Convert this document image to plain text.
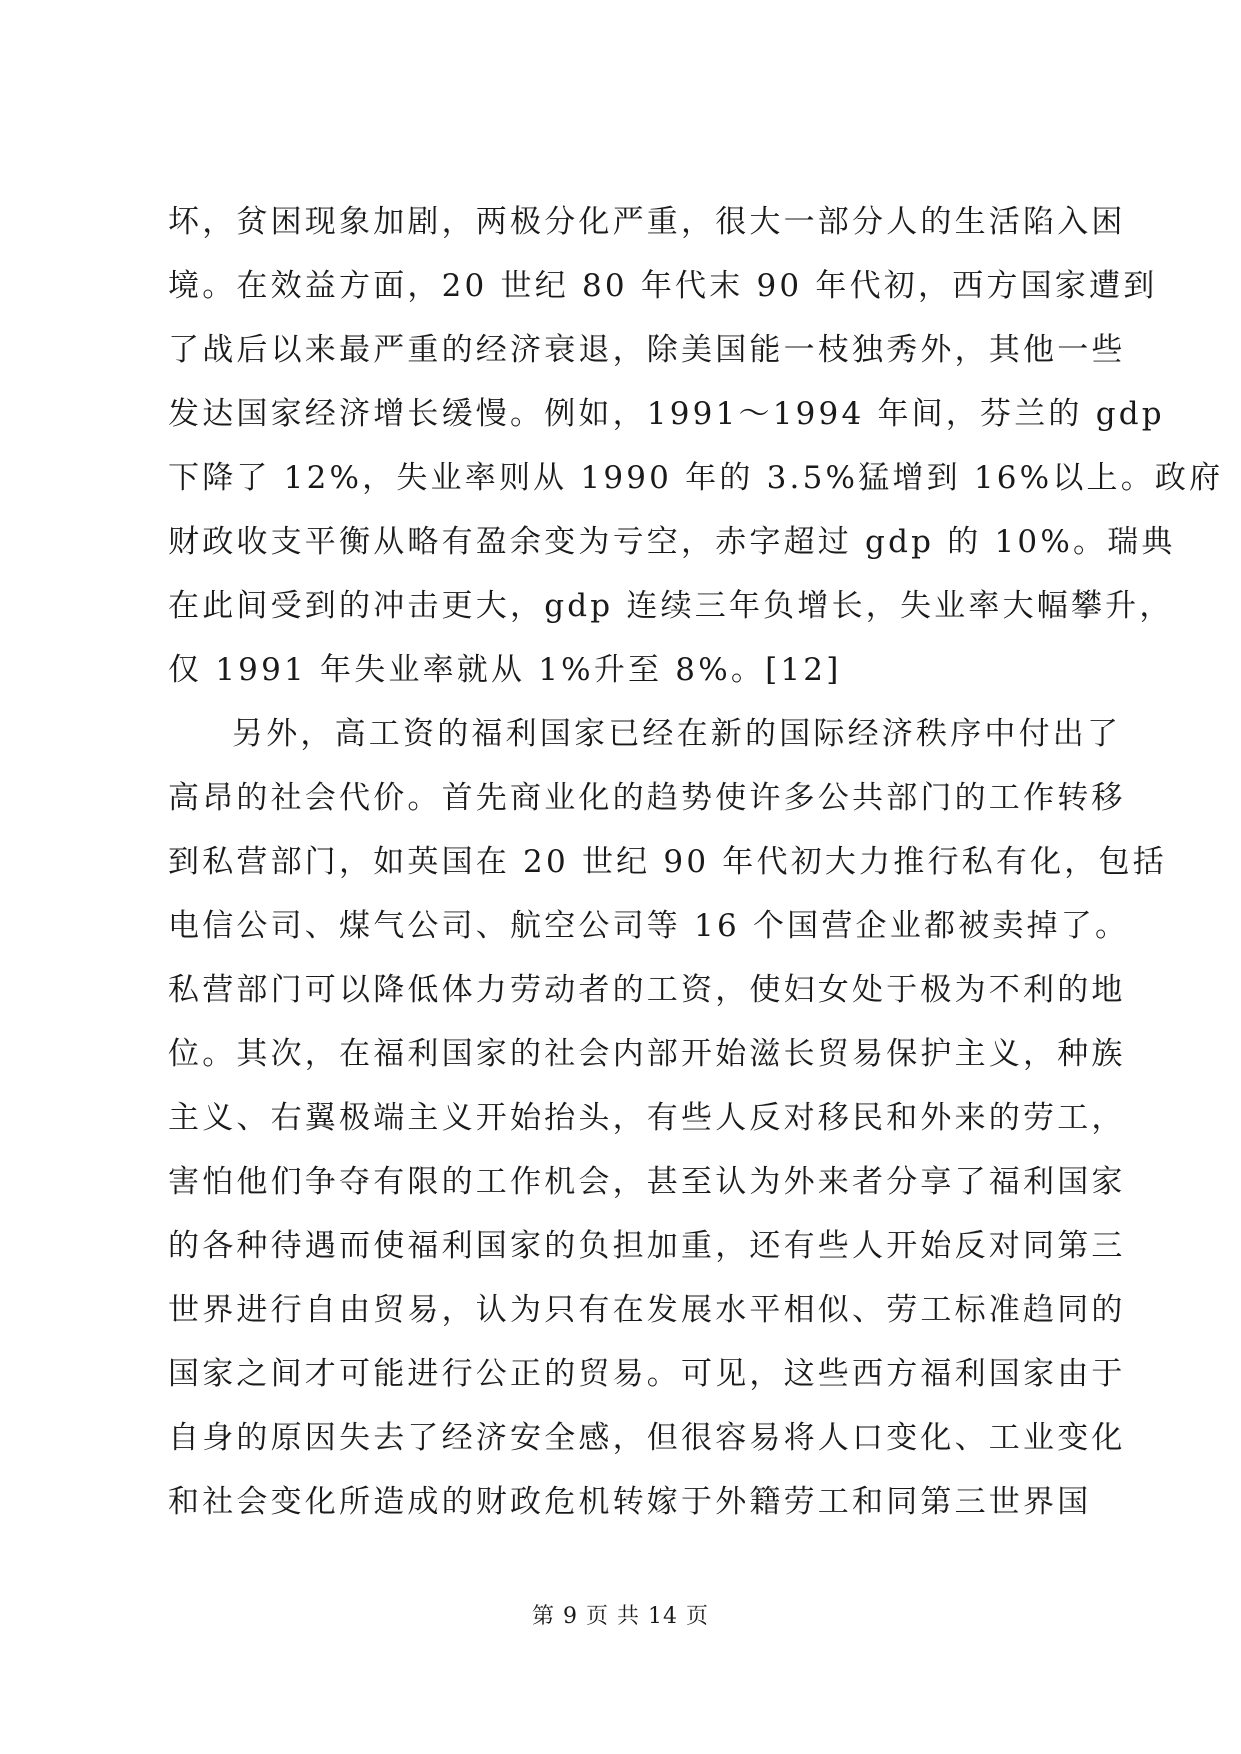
坏，贫困现象加剧，两极分化严重，很大一部分人的生活陷入困
境。在效益方面，20 世纪 80 年代末 90 年代初，西方国家遭到
了战后以来最严重的经济衰退，除美国能一枝独秀外，其他一些
发达国家经济增长缓慢。例如，1991～1994 年间，芬兰的 gdp
下降了 12%，失业率则从 1990 年的 3.5%猛增到 16%以上。政府
财政收支平衡从略有盈余变为亏空，赤字超过 gdp 的 10%。瑞典
在此间受到的冲击更大，gdp 连续三年负增长，失业率大幅攀升，
仅 1991 年失业率就从 1%升至 8%。[12]
另外，高工资的福利国家已经在新的国际经济秩序中付出了
高昂的社会代价。首先商业化的趋势使许多公共部门的工作转移
到私营部门，如英国在 20 世纪 90 年代初大力推行私有化，包括
电信公司、煤气公司、航空公司等 16 个国营企业都被卖掉了。
私营部门可以降低体力劳动者的工资，使妇女处于极为不利的地
位。其次，在福利国家的社会内部开始滋长贸易保护主义，种族
主义、右翼极端主义开始抬头，有些人反对移民和外来的劳工，
害怕他们争夺有限的工作机会，甚至认为外来者分享了福利国家
的各种待遇而使福利国家的负担加重，还有些人开始反对同第三
世界进行自由贸易，认为只有在发展水平相似、劳工标准趋同的
国家之间才可能进行公正的贸易。可见，这些西方福利国家由于
自身的原因失去了经济安全感，但很容易将人口变化、工业变化
和社会变化所造成的财政危机转嫁于外籍劳工和同第三世界国
第 9 页 共 14 页
